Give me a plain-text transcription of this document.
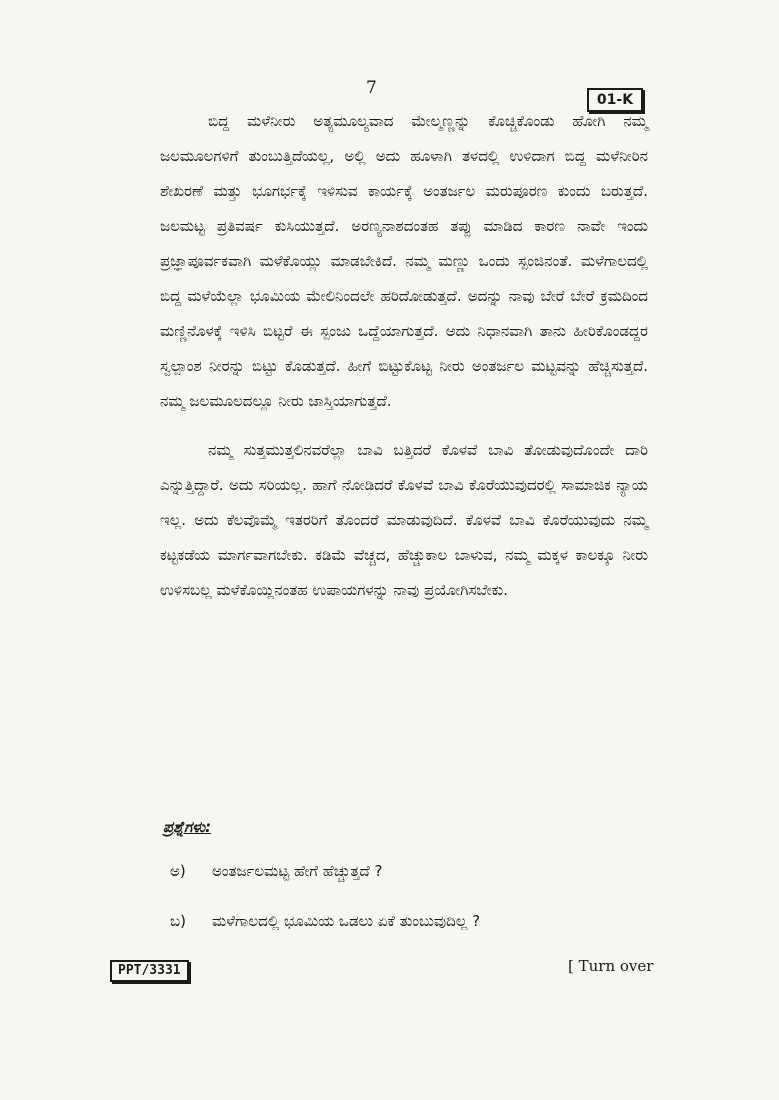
7
01-K

ಬಿದ್ದ ಮಳೆನೀರು ಅತ್ಯಮೂಲ್ಯವಾದ ಮೇಲ್ಮಣ್ಣನ್ನು ಕೊಚ್ಚಿಕೊಂಡು ಹೋಗಿ ನಮ್ಮ ಜಲಮೂಲಗಳಿಗೆ ತುಂಬುತ್ತಿದೆಯಲ್ಲ, ಅಲ್ಲಿ ಅದು ಹೂಳಾಗಿ ತಳದಲ್ಲಿ ಉಳಿದಾಗ ಬಿದ್ದ ಮಳೆನೀರಿನ ಶೇಖರಣೆ ಮತ್ತು ಭೂಗರ್ಭಕ್ಕೆ ಇಳಿಸುವ ಕಾರ್ಯಕ್ಕೆ ಅಂತರ್ಜಲ ಮರುಪೂರಣ ಕುಂದು ಬರುತ್ತದೆ. ಜಲಮಟ್ಟ ಪ್ರತಿವರ್ಷ ಕುಸಿಯುತ್ತದೆ. ಅರಣ್ಯನಾಶದಂತಹ ತಪ್ಪು ಮಾಡಿದ ಕಾರಣ ನಾವೇ ಇಂದು ಪ್ರಜ್ಞಾಪೂರ್ವಕವಾಗಿ ಮಳೆಕೊಯ್ಲು ಮಾಡಬೇಕಿದೆ. ನಮ್ಮ ಮಣ್ಣು ಒಂದು ಸ್ಪಂಜಿನಂತೆ. ಮಳೆಗಾಲದಲ್ಲಿ ಬಿದ್ದ ಮಳೆಯೆಲ್ಲಾ ಭೂಮಿಯ ಮೇಲಿನಿಂದಲೇ ಹರಿದೋಡುತ್ತದೆ. ಅದನ್ನು ನಾವು ಬೇರೆ ಬೇರೆ ಕ್ರಮದಿಂದ ಮಣ್ಣಿನೊಳಕ್ಕೆ ಇಳಿಸಿ ಬಿಟ್ಟರೆ ಈ ಸ್ಪಂಜು ಒದ್ದೆಯಾಗುತ್ತದೆ. ಅದು ನಿಧಾನವಾಗಿ ತಾನು ಹೀರಿಕೊಂಡದ್ದರ ಸ್ವಲ್ಪಾಂಶ ನೀರನ್ನು ಬಿಟ್ಟು ಕೊಡುತ್ತದೆ. ಹೀಗೆ ಬಿಟ್ಟುಕೊಟ್ಟ ನೀರು ಅಂತರ್ಜಲ ಮಟ್ಟವನ್ನು ಹೆಚ್ಚಿಸುತ್ತದೆ. ನಮ್ಮ ಜಲಮೂಲದಲ್ಲೂ ನೀರು ಜಾಸ್ತಿಯಾಗುತ್ತದೆ.

ನಮ್ಮ ಸುತ್ತಮುತ್ತಲಿನವರೆಲ್ಲಾ ಬಾವಿ ಬತ್ತಿದರೆ ಕೊಳವೆ ಬಾವಿ ತೋಡುವುದೊಂದೇ ದಾರಿ ಎನ್ನುತ್ತಿದ್ದಾರೆ. ಅದು ಸರಿಯಲ್ಲ. ಹಾಗೆ ನೋಡಿದರೆ ಕೊಳವೆ ಬಾವಿ ಕೊರೆಯುವುದರಲ್ಲಿ ಸಾಮಾಜಿಕ ನ್ಯಾಯ ಇಲ್ಲ. ಅದು ಕೆಲವೊಮ್ಮೆ ಇತರರಿಗೆ ತೊಂದರೆ ಮಾಡುವುದಿದೆ. ಕೊಳವೆ ಬಾವಿ ಕೊರೆಯುವುದು ನಮ್ಮ ಕಟ್ಟಕಡೆಯ ಮಾರ್ಗವಾಗಬೇಕು. ಕಡಿಮೆ ವೆಚ್ಚದ, ಹೆಚ್ಚುಕಾಲ ಬಾಳುವ, ನಮ್ಮ ಮಕ್ಕಳ ಕಾಲಕ್ಕೂ ನೀರು ಉಳಿಸಬಲ್ಲ ಮಳೆಕೊಯ್ಲಿನಂತಹ ಉಪಾಯಗಳನ್ನು ನಾವು ಪ್ರಯೋಗಿಸಬೇಕು.

ಪ್ರಶ್ನೆಗಳು:
ಅ)	ಅಂತರ್ಜಲಮಟ್ಟ ಹೇಗೆ ಹೆಚ್ಚುತ್ತದೆ ?
ಬ)	ಮಳೆಗಾಲದಲ್ಲಿ ಭೂಮಿಯ ಒಡಲು ಏಕೆ ತುಂಬುವುದಿಲ್ಲ ?
PPT/3331	[ Turn over
